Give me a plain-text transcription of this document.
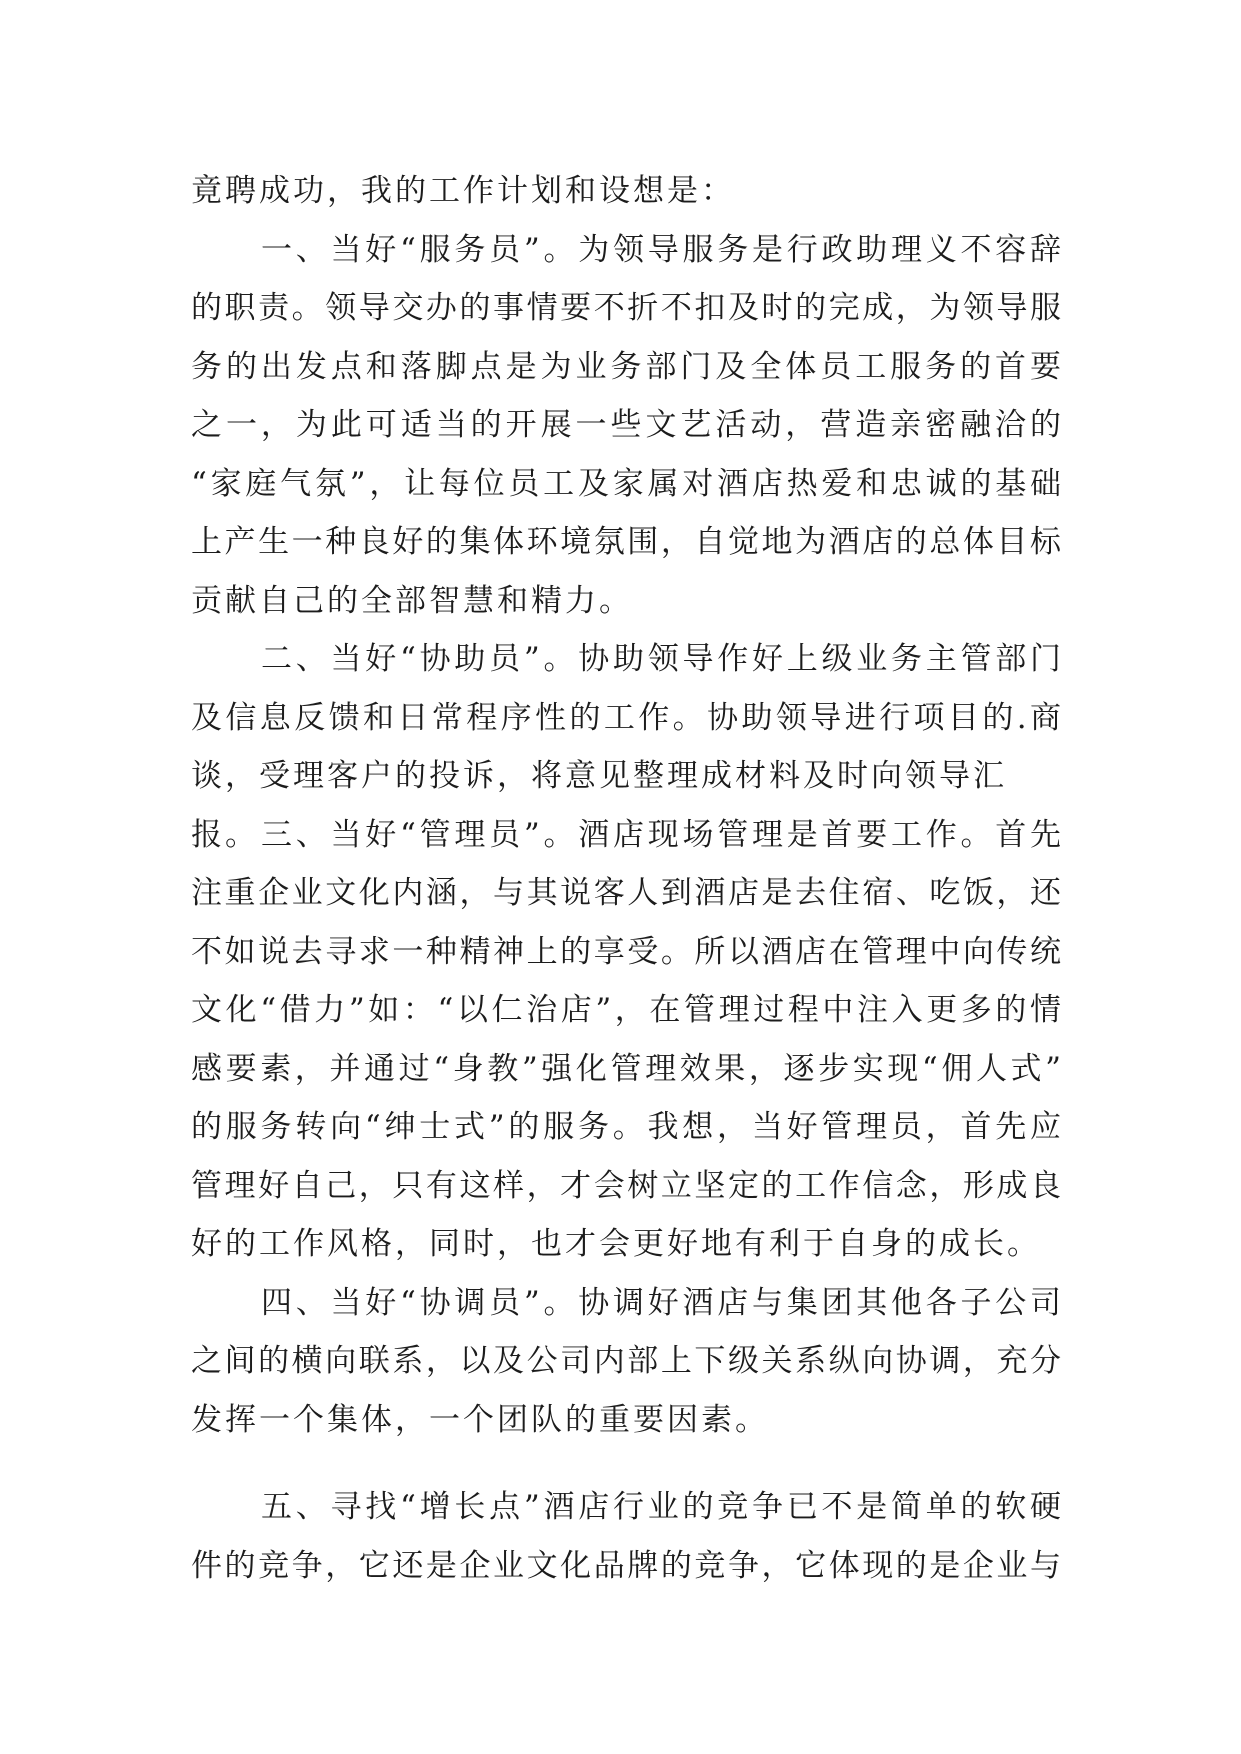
竟聘成功，我的工作计划和设想是：
一、当好“服务员”。为领导服务是行政助理义不容辞
的职责。领导交办的事情要不折不扣及时的完成，为领导服
务的出发点和落脚点是为业务部门及全体员工服务的首要
之一，为此可适当的开展一些文艺活动，营造亲密融洽的
“家庭气氛”，让每位员工及家属对酒店热爱和忠诚的基础
上产生一种良好的集体环境氛围，自觉地为酒店的总体目标
贡献自己的全部智慧和精力。
二、当好“协助员”。协助领导作好上级业务主管部门
及信息反馈和日常程序性的工作。协助领导进行项目的.商
谈，受理客户的投诉，将意见整理成材料及时向领导汇报。 三、当好“管理员”。酒店现场管理是首要工作。首先
注重企业文化内涵，与其说客人到酒店是去住宿、吃饭，还
不如说去寻求一种精神上的享受。所以酒店在管理中向传统
文化“借力”如：“以仁治店”，在管理过程中注入更多的情
感要素，并通过“身教”强化管理效果，逐步实现“佣人式”
的服务转向“绅士式”的服务。我想，当好管理员，首先应
管理好自己，只有这样，才会树立坚定的工作信念，形成良
好的工作风格，同时，也才会更好地有利于自身的成长。
四、当好“协调员”。协调好酒店与集团其他各子公司
之间的横向联系，以及公司内部上下级关系纵向协调，充分
发挥一个集体，一个团队的重要因素。
五、寻找“增长点”酒店行业的竞争已不是简单的软硬
件的竞争，它还是企业文化品牌的竞争，它体现的是企业与
